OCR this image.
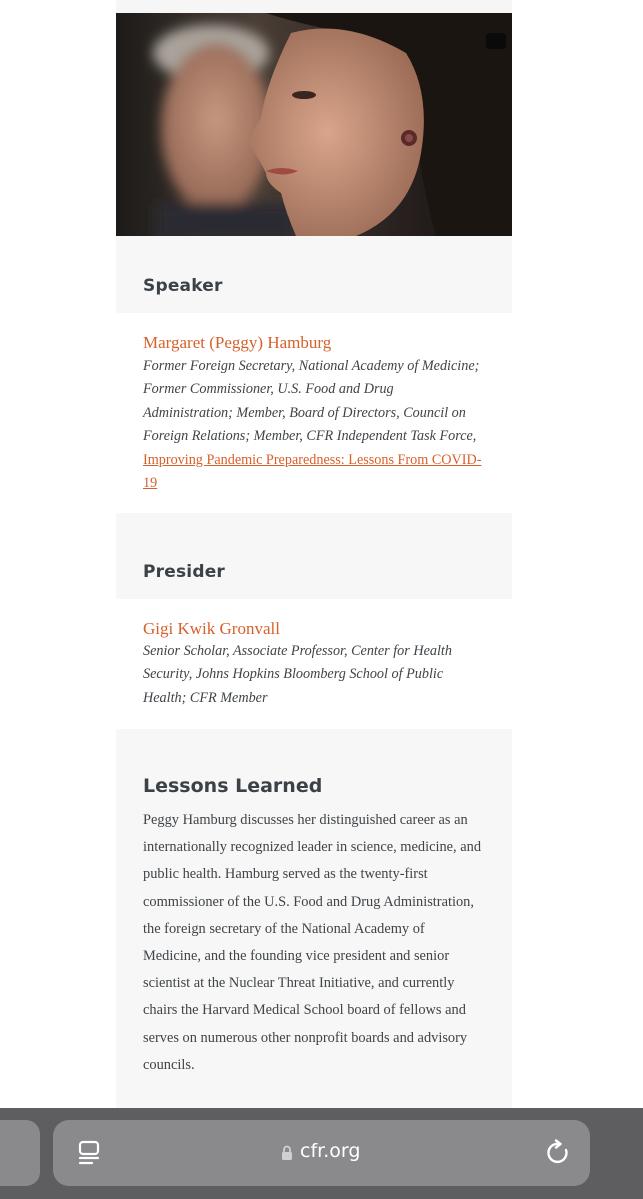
Speaker
Margaret (Peggy) Hamburg

Former Foreign Secretary, National Academy of Medicine; Former Commissioner, U.S. Food and Drug Administration; Member, Board of Directors, Council on Foreign Relations; Member, CFR Independent Task Force, Improving Pandemic Preparedness: Lessons From COVID-19

Presider
Gigi Kwik Gronvall

Senior Scholar, Associate Professor, Center for Health Security, Johns Hopkins Bloomberg School of Public Health; CFR Member

Lessons Learned

Peggy Hamburg discusses her distinguished career as an internationally recognized leader in science, medicine, and public health. Hamburg served as the twenty-first commissioner of the U.S. Food and Drug Administration, the foreign secretary of the National Academy of Medicine, and the founding vice president and senior scientist at the Nuclear Threat Initiative, and currently chairs the Harvard Medical School board of fellows and serves on numerous other nonprofit boards and advisory councils.

cfr.org
